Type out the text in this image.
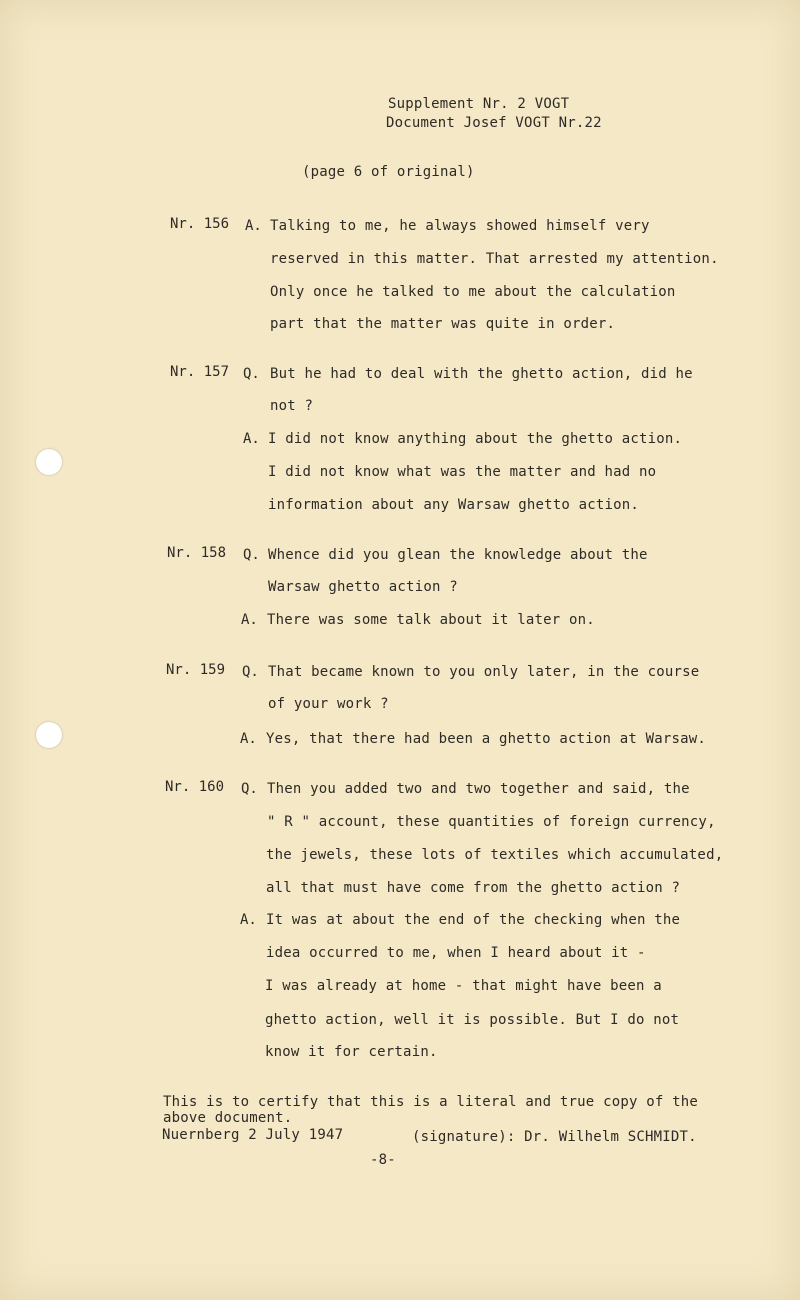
Supplement Nr. 2 VOGT
Document Josef VOGT Nr.22
(page 6 of original)
Nr. 156 A. Talking to me, he always showed himself very
reserved in this matter. That arrested my attention.
Only once he talked to me about the calculation
part that the matter was quite in order.
Nr. 157 Q. But he had to deal with the ghetto action, did he
not ?
A. I did not know anything about the ghetto action.
I did not know what was the matter and had no
information about any Warsaw ghetto action.
Nr. 158 Q. Whence did you glean the knowledge about the
Warsaw ghetto action ?
A. There was some talk about it later on.
Nr. 159 Q. That became known to you only later, in the course
of your work ?
A. Yes, that there had been a ghetto action at Warsaw.
Nr. 160 Q. Then you added two and two together and said, the
" R " account, these quantities of foreign currency,
the jewels, these lots of textiles which accumulated,
all that must have come from the ghetto action ?
A. It was at about the end of the checking when the
idea occurred to me, when I heard about it -
I was already at home - that might have been a
ghetto action, well it is possible. But I do not
know it for certain.
This is to certify that this is a literal and true copy of the
above document.
Nuernberg 2 July 1947	(signature): Dr. Wilhelm SCHMIDT.
-8-
